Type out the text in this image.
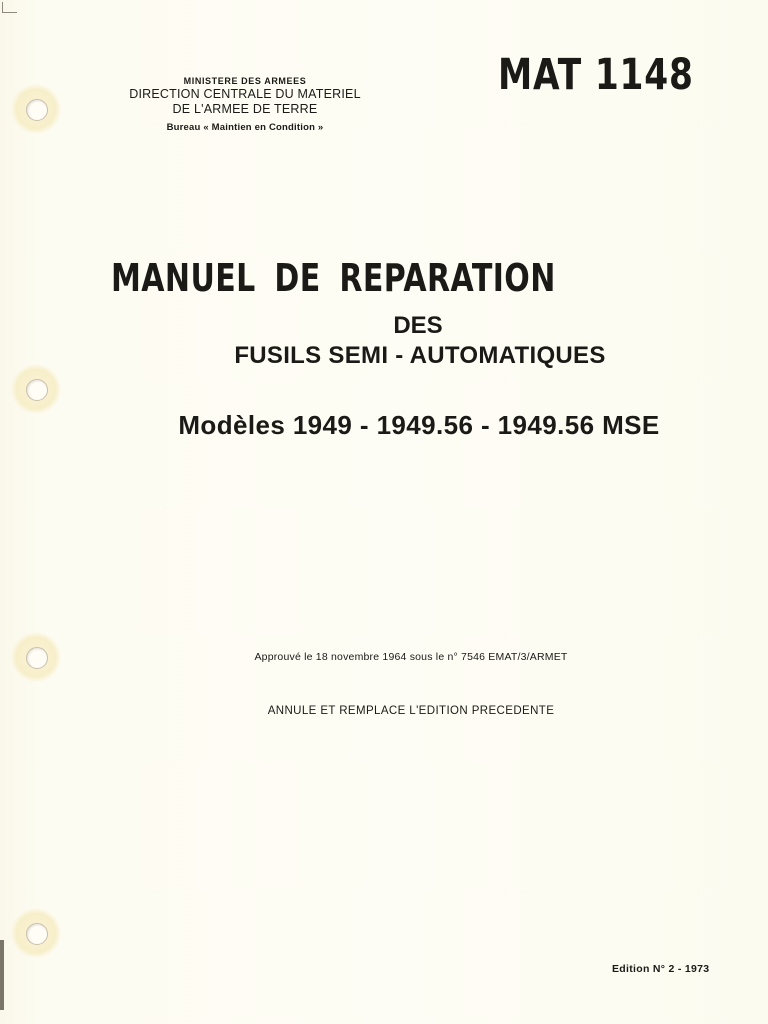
MINISTERE DES ARMEES
DIRECTION CENTRALE DU MATERIEL
DE L'ARMEE DE TERRE
Bureau « Maintien en Condition »
MAT 1148
MANUEL DE REPARATION
DES
FUSILS SEMI - AUTOMATIQUES
Modèles 1949 - 1949.56 - 1949.56 MSE
Approuvé le 18 novembre 1964 sous le n° 7546 EMAT/3/ARMET
ANNULE ET REMPLACE L'EDITION PRECEDENTE
Edition N° 2 - 1973
